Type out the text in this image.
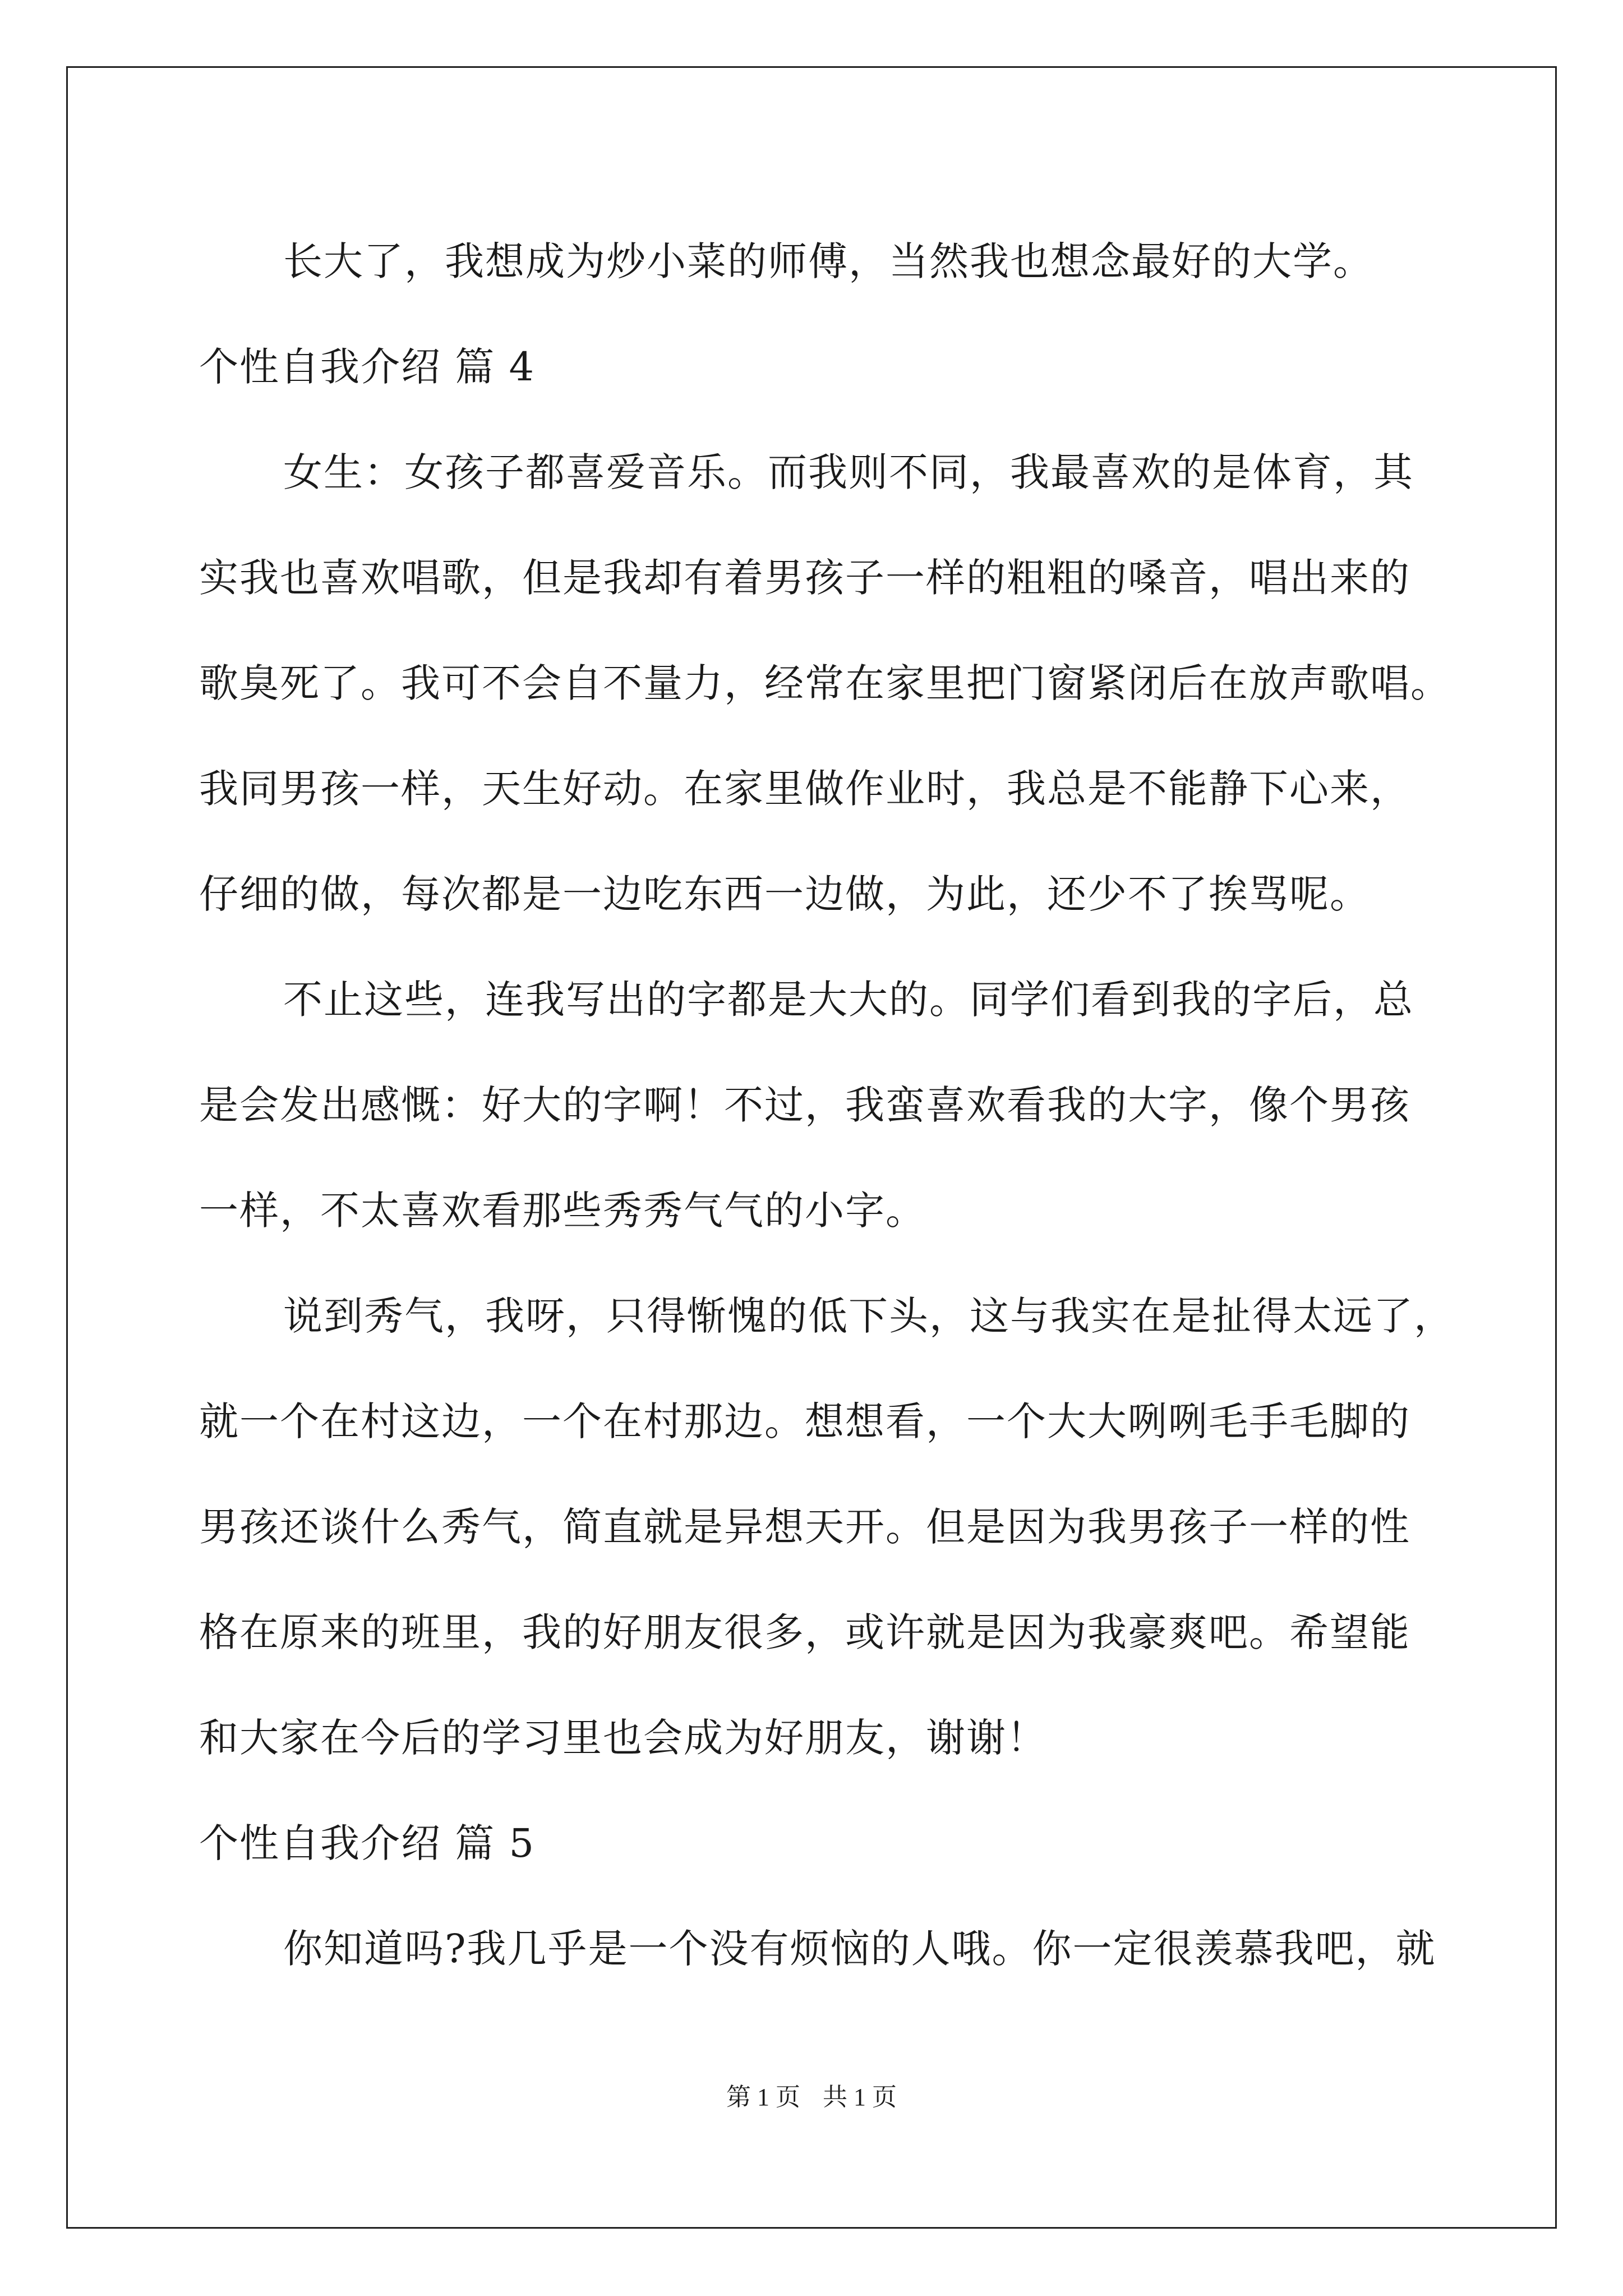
长大了，我想成为炒小菜的师傅，当然我也想念最好的大学。
个性自我介绍 篇 4
女生：女孩子都喜爱音乐。而我则不同，我最喜欢的是体育，其
实我也喜欢唱歌，但是我却有着男孩子一样的粗粗的嗓音，唱出来的
歌臭死了。我可不会自不量力，经常在家里把门窗紧闭后在放声歌唱。
我同男孩一样，天生好动。在家里做作业时，我总是不能静下心来，
仔细的做，每次都是一边吃东西一边做，为此，还少不了挨骂呢。
不止这些，连我写出的字都是大大的。同学们看到我的字后，总
是会发出感慨：好大的字啊！不过，我蛮喜欢看我的大字，像个男孩
一样，不太喜欢看那些秀秀气气的小字。
说到秀气，我呀，只得惭愧的低下头，这与我实在是扯得太远了，
就一个在村这边，一个在村那边。想想看，一个大大咧咧毛手毛脚的
男孩还谈什么秀气，简直就是异想天开。但是因为我男孩子一样的性
格在原来的班里，我的好朋友很多，或许就是因为我豪爽吧。希望能
和大家在今后的学习里也会成为好朋友，谢谢！
个性自我介绍 篇 5
你知道吗?我几乎是一个没有烦恼的人哦。你一定很羡慕我吧，就
第 1 页 共 1 页
